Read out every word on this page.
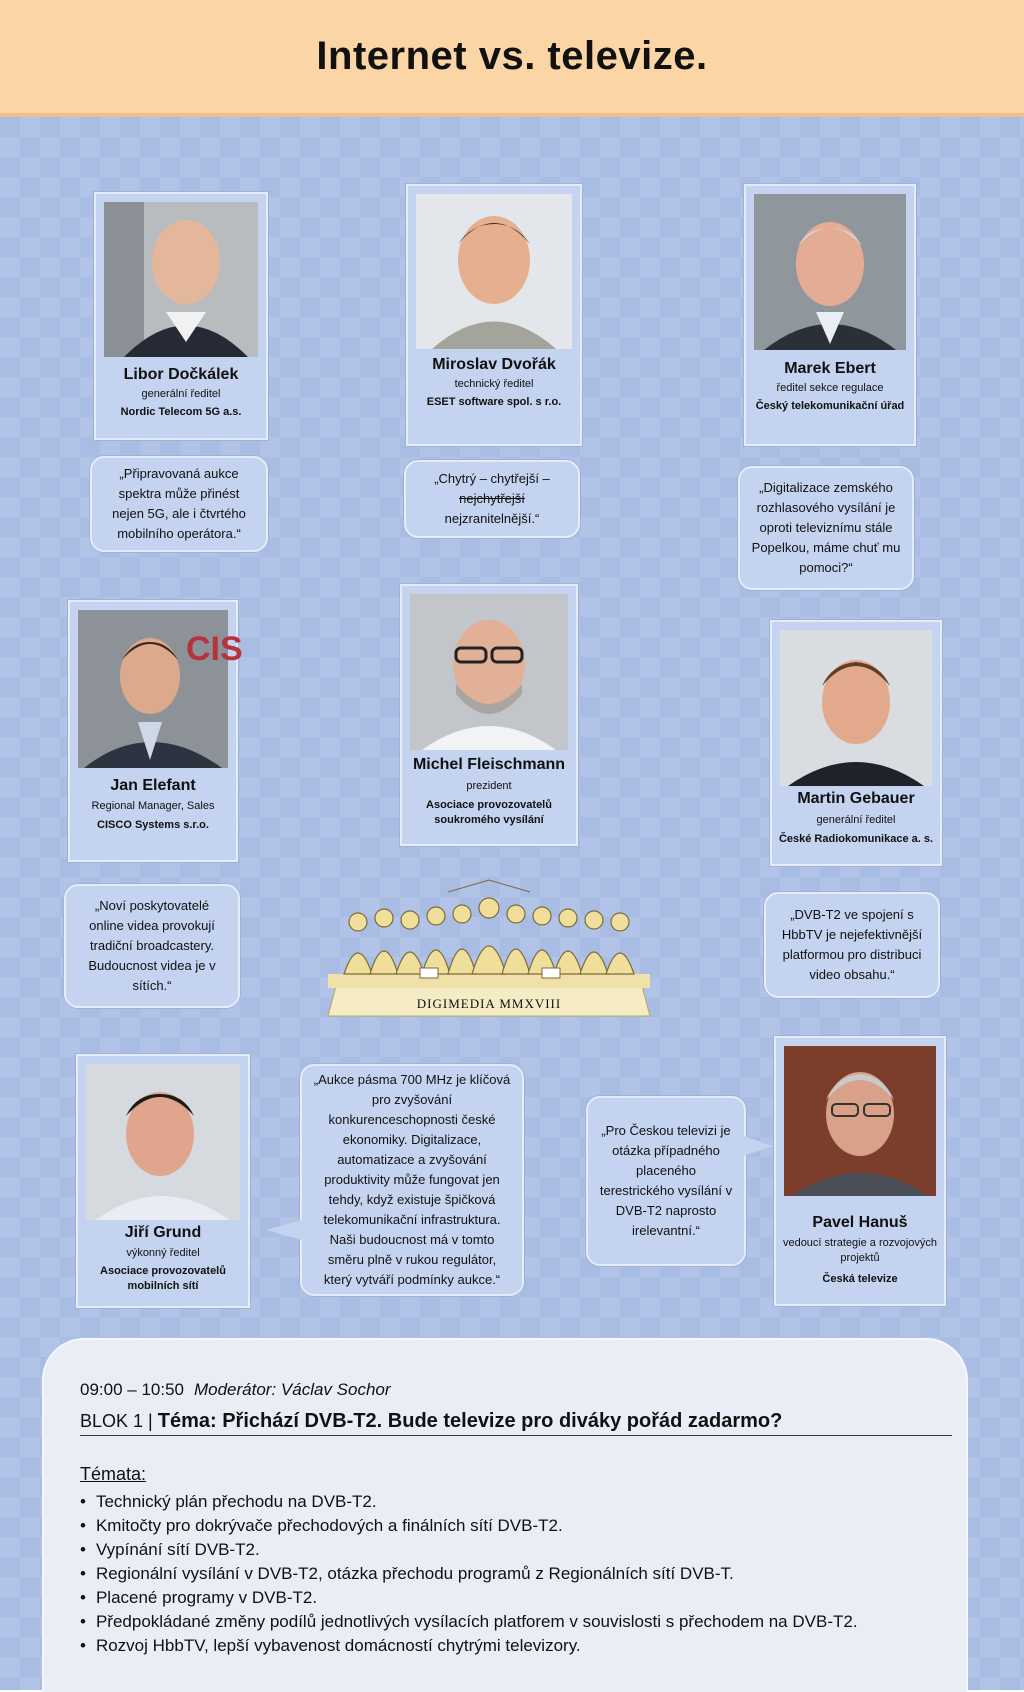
Internet vs. televize.
Libor Dočkálek
generální ředitel
Nordic Telecom 5G a.s.
Miroslav Dvořák
technický ředitel
ESET software spol. s r.o.
Marek Ebert
ředitel sekce regulace
Český telekomunikační úřad
„Připravovaná aukce spektra může přinést nejen 5G, ale i čtvrtého mobilního operátora.“
„Chytrý – chytřejší –
nejchytřejší nejzranitelnější.“
„Digitalizace zemského rozhlasového vysílání je oproti televiznímu stále Popelkou, máme chuť mu pomoci?“
CIS
Jan Elefant
Regional Manager, Sales
CISCO Systems s.r.o.
Michel Fleischmann
prezident
Asociace provozovatelů soukromého vysílání
Martin Gebauer
generální ředitel
České Radiokomunikace a. s.
„Noví poskytovatelé online videa provokují tradiční broadcastery. Budoucnost videa je v sítích.“
„DVB-T2 ve spojení s HbbTV je nejefektivnější platformou pro distribuci video obsahu.“
DIGIMEDIA MMXVIII
Jiří Grund
výkonný ředitel
Asociace provozovatelů mobilních sítí
„Aukce pásma 700 MHz je klíčová pro zvyšování konkurenceschopnosti české ekonomiky. Digitalizace, automatizace a zvyšování produktivity může fungovat jen tehdy, když existuje špičková telekomunikační infrastruktura. Naši budoucnost má v tomto směru plně v rukou regulátor, který vytváří podmínky aukce.“
„Pro Českou televizi je otázka případného placeného terestrického vysílání v DVB-T2 naprosto irelevantní.“	Pavel Hanuš
vedoucí strategie a rozvojových projektů
Česká televize
09:00 – 10:50 Moderátor: Václav Sochor
BLOK 1 | Téma: Přichází DVB-T2. Bude televize pro diváky pořád zadarmo?
Témata:
• Technický plán přechodu na DVB-T2.
• Kmitočty pro dokrývače přechodových a finálních sítí DVB-T2.
• Vypínání sítí DVB-T2.
• Regionální vysílání v DVB-T2, otázka přechodu programů z Regionálních sítí DVB-T.
• Placené programy v DVB-T2.
• Předpokládané změny podílů jednotlivých vysílacích platforem v souvislosti s přechodem na DVB-T2.
• Rozvoj HbbTV, lepší vybavenost domácností chytrými televizory.
